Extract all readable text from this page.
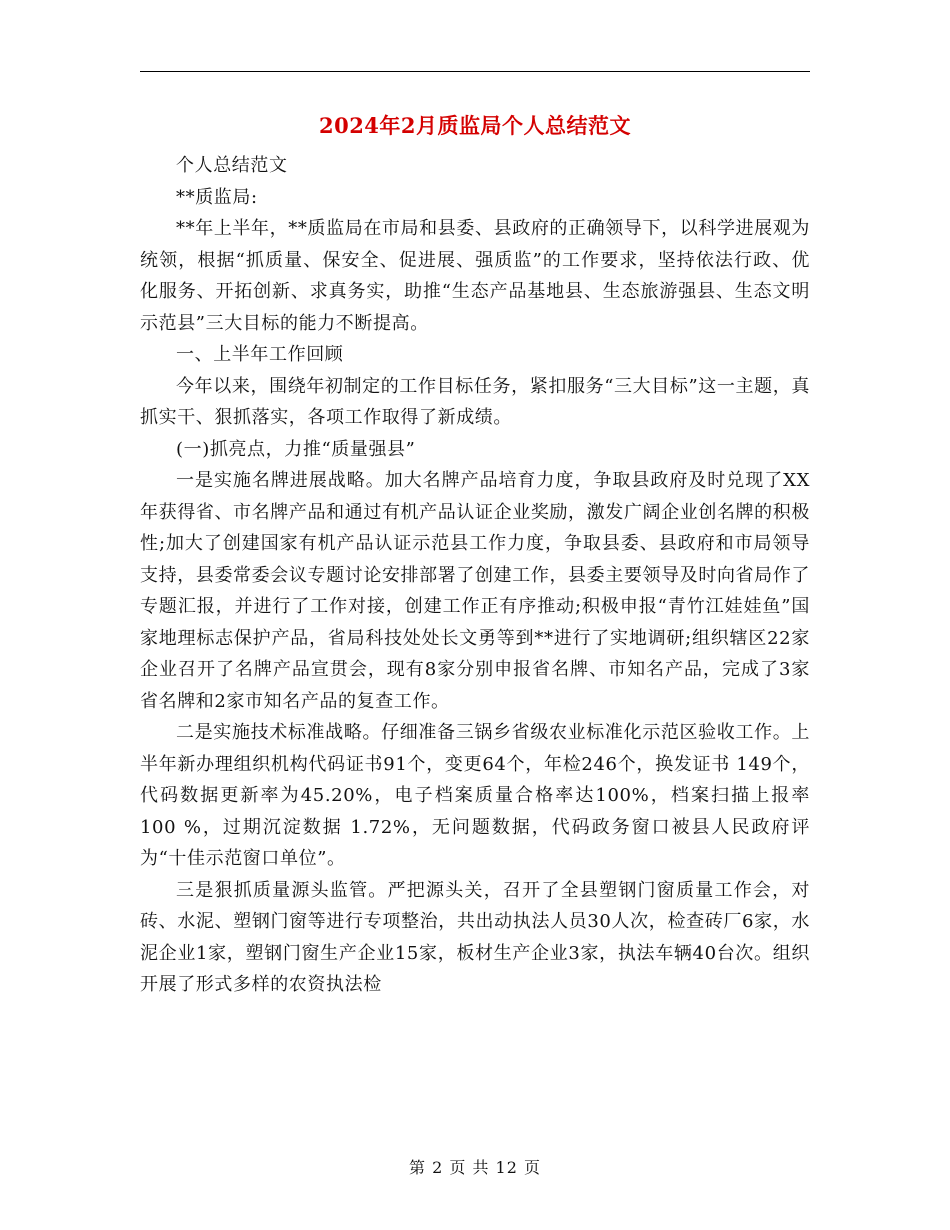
2024年2月质监局个人总结范文

个人总结范文

**质监局:

**年上半年，**质监局在市局和县委、县政府的正确领导下，以科学进展观为统领，根据“抓质量、保安全、促进展、强质监”的工作要求，坚持依法行政、优化服务、开拓创新、求真务实，助推“生态产品基地县、生态旅游强县、生态文明示范县”三大目标的能力不断提高。

一、上半年工作回顾

今年以来，围绕年初制定的工作目标任务，紧扣服务“三大目标”这一主题，真抓实干、狠抓落实，各项工作取得了新成绩。

(一)抓亮点，力推“质量强县”

一是实施名牌进展战略。加大名牌产品培育力度，争取县政府及时兑现了XX年获得省、市名牌产品和通过有机产品认证企业奖励，激发广阔企业创名牌的积极性;加大了创建国家有机产品认证示范县工作力度，争取县委、县政府和市局领导支持，县委常委会议专题讨论安排部署了创建工作，县委主要领导及时向省局作了专题汇报，并进行了工作对接，创建工作正有序推动;积极申报“青竹江娃娃鱼”国家地理标志保护产品，省局科技处处长文勇等到**进行了实地调研;组织辖区22家企业召开了名牌产品宣贯会，现有8家分别申报省名牌、市知名产品，完成了3家省名牌和2家市知名产品的复查工作。

二是实施技术标准战略。仔细准备三锅乡省级农业标准化示范区验收工作。上半年新办理组织机构代码证书91个，变更64个，年检246个，换发证书 149个，代码数据更新率为45.20%，电子档案质量合格率达100%，档案扫描上报率 100 %，过期沉淀数据 1.72%，无问题数据，代码政务窗口被县人民政府评为“十佳示范窗口单位”。

三是狠抓质量源头监管。严把源头关，召开了全县塑钢门窗质量工作会，对砖、水泥、塑钢门窗等进行专项整治，共出动执法人员30人次，检查砖厂6家，水泥企业1家，塑钢门窗生产企业15家，板材生产企业3家，执法车辆40台次。组织开展了形式多样的农资执法检

第 2 页 共 12 页
